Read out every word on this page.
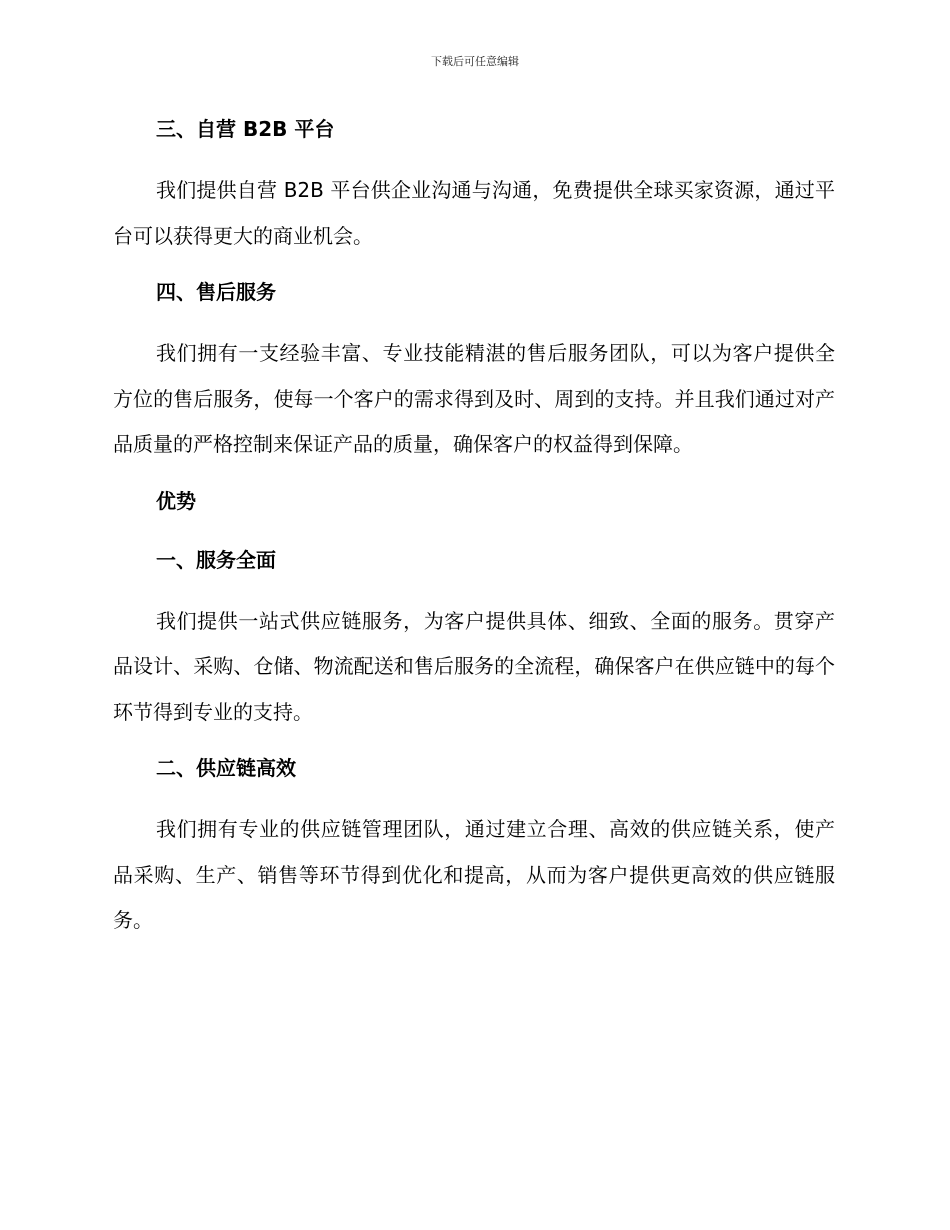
下载后可任意编辑
三、自营 B2B 平台

我们提供自营 B2B 平台供企业沟通与沟通，免费提供全球买家资源，通过平台可以获得更大的商业机会。

四、售后服务

我们拥有一支经验丰富、专业技能精湛的售后服务团队，可以为客户提供全方位的售后服务，使每一个客户的需求得到及时、周到的支持。并且我们通过对产品质量的严格控制来保证产品的质量，确保客户的权益得到保障。

优势
一、服务全面

我们提供一站式供应链服务，为客户提供具体、细致、全面的服务。贯穿产品设计、采购、仓储、物流配送和售后服务的全流程，确保客户在供应链中的每个环节得到专业的支持。

二、供应链高效

我们拥有专业的供应链管理团队，通过建立合理、高效的供应链关系，使产品采购、生产、销售等环节得到优化和提高，从而为客户提供更高效的供应链服务。
